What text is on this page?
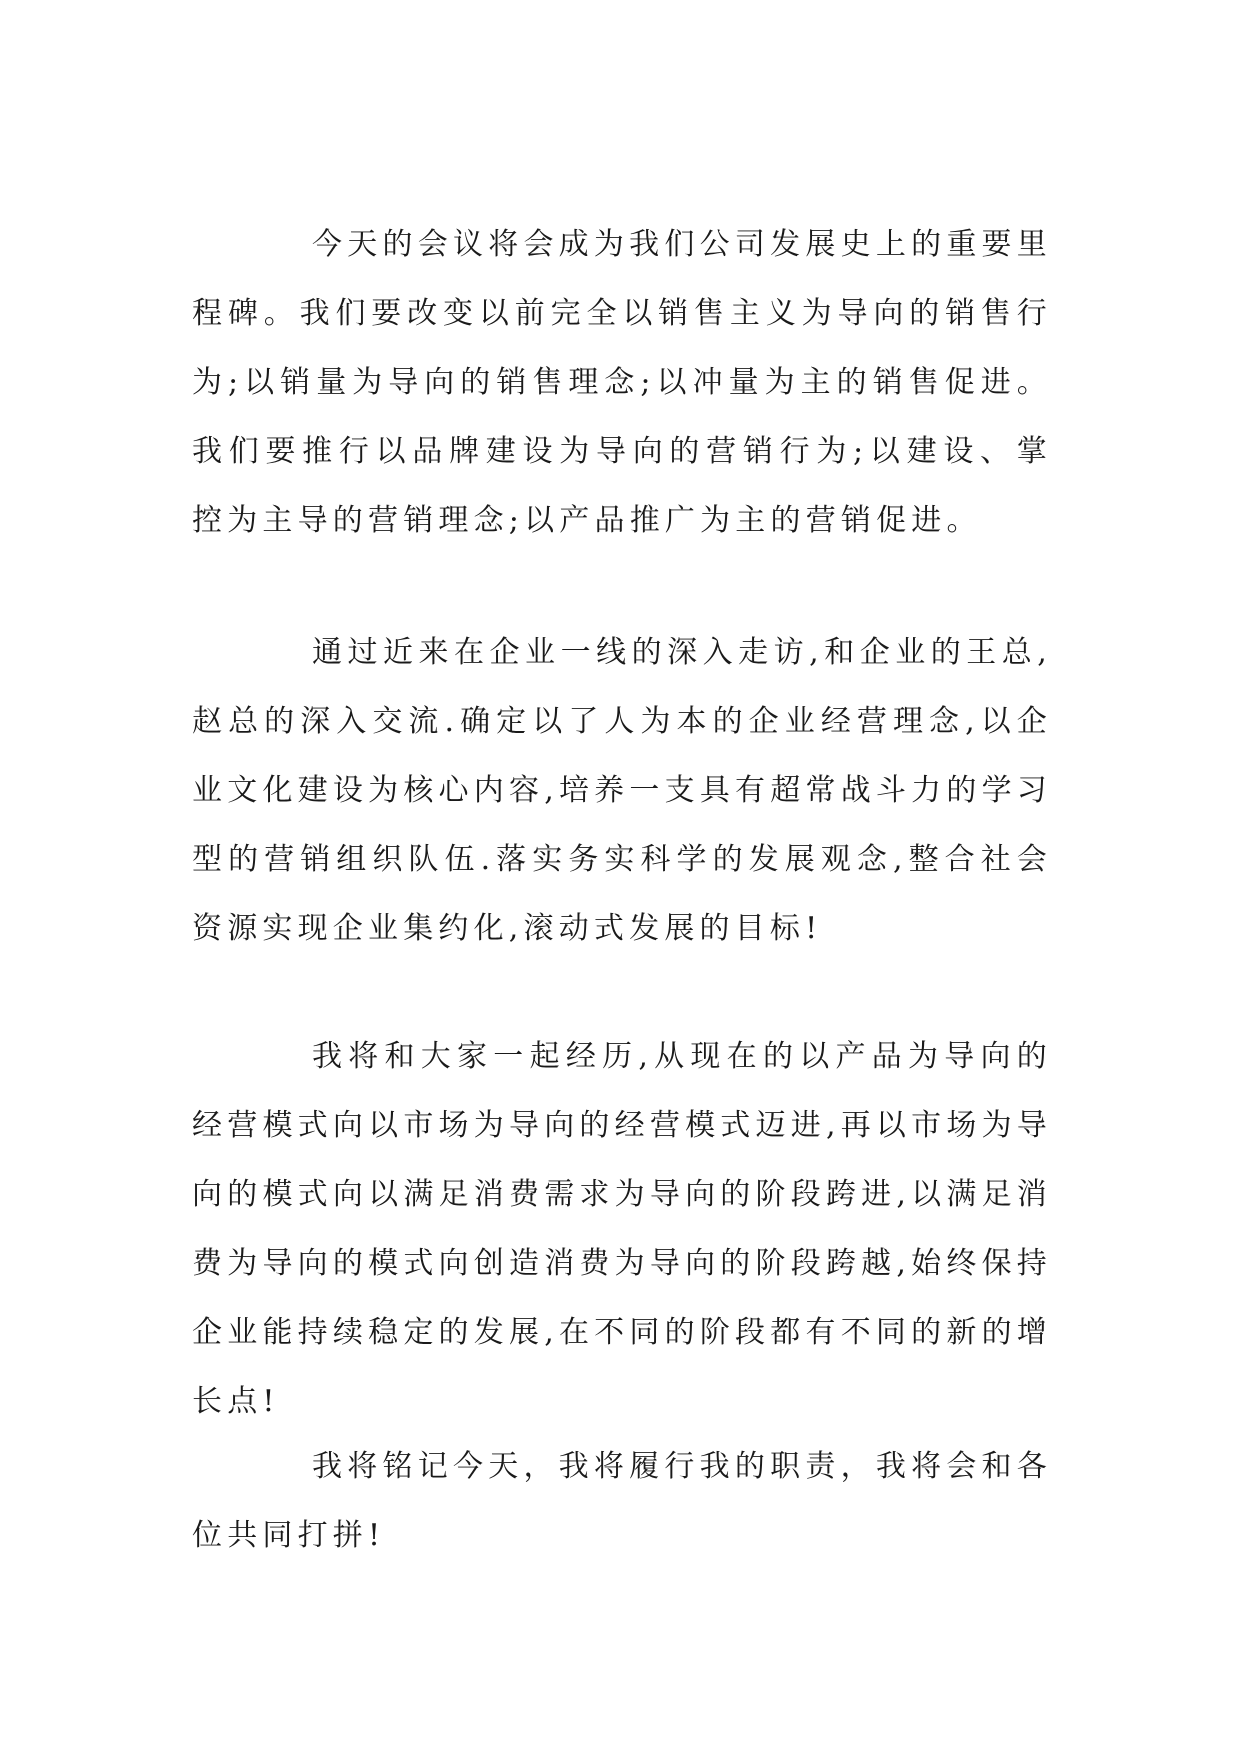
今天的会议将会成为我们公司发展史上的重要里程碑。我们要改变以前完全以销售主义为导向的销售行为;以销量为导向的销售理念;以冲量为主的销售促进。我们要推行以品牌建设为导向的营销行为;以建设、掌控为主导的营销理念;以产品推广为主的营销促进。

通过近来在企业一线的深入走访,和企业的王总,赵总的深入交流.确定以了人为本的企业经营理念,以企业文化建设为核心内容,培养一支具有超常战斗力的学习型的营销组织队伍.落实务实科学的发展观念,整合社会资源实现企业集约化,滚动式发展的目标!

我将和大家一起经历,从现在的以产品为导向的经营模式向以市场为导向的经营模式迈进,再以市场为导向的模式向以满足消费需求为导向的阶段跨进,以满足消费为导向的模式向创造消费为导向的阶段跨越,始终保持企业能持续稳定的发展,在不同的阶段都有不同的新的增长点!

我将铭记今天，我将履行我的职责，我将会和各位共同打拼!
